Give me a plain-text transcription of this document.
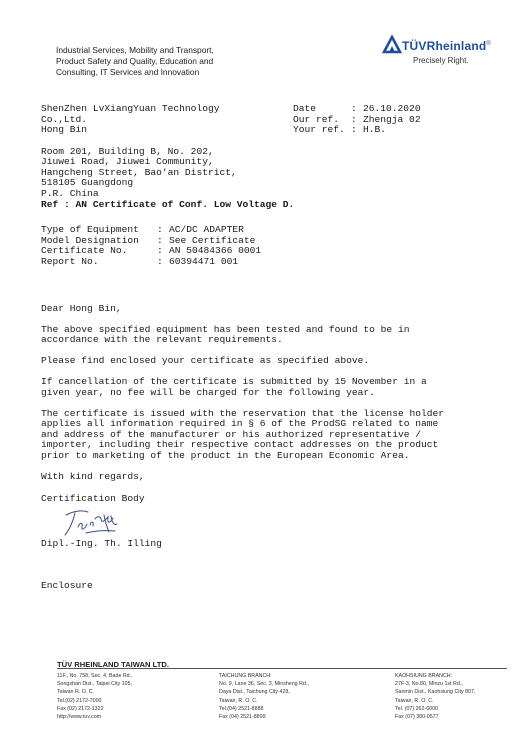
Industrial Services, Mobility and Transport,
Product Safety and Quality, Education and
Consulting, IT Services and Innovation
TÜVRheinland®
Precisely Right.
ShenZhen LvXiangYuan Technology
Co.,Ltd.
Hong Bin
Date
Our ref.
Your ref.
:
:
:
26.10.2020
Zhengja 02
H.B.
Room 201, Building B, No. 202,
Jiuwei Road, Jiuwei Community,
Hangcheng Street, Bao'an District,
518105 Guangdong
P.R. China
Ref : AN Certificate of Conf. Low Voltage D.
Type of Equipment
Model Designation
Certificate No.
Report No.
:
:
:
:
AC/DC ADAPTER
See Certificate
AN 50484366 0001
60394471 001
Dear Hong Bin,
The above specified equipment has been tested and found to be in
accordance with the relevant requirements.
Please find enclosed your certificate as specified above.
If cancellation of the certificate is submitted by 15 November in a
given year, no fee will be charged for the following year.
The certificate is issued with the reservation that the license holder
applies all information required in § 6 of the ProdSG related to name
and address of the manufacturer or his authorized representative /
importer, including their respective contact addresses on the product
prior to marketing of the product in the European Economic Area.
With kind regards,
Certification Body
Dipl.-Ing. Th. Illing
Enclosure
TÜV RHEINLAND TAIWAN LTD.
11F., No. 758, Sec. 4, Bade Rd.,
Songshan Dist., Taipei City 105,
Taiwan R. O. C.
Tel.(02) 2172-7000
Fax (02) 2172-1322
http://www.tuv.com
TAICHUNG BRANCH:
No. 9, Lane 36, Sec. 3, Minsheng Rd.,
Daya Dist., Taichung City 428,
Taiwan, R. O. C.
Tel.(04) 2521-8888
Fax (04) 2521-8899
KAOHSIUNG BRANCH:
27F-3, No.80, Minzu 1st Rd.,
Sanmin Dist., Kaohsiung City 807,
Taiwan, R. O. C.
Tel. (07) 262-6000
Fax (07) 380-0577
